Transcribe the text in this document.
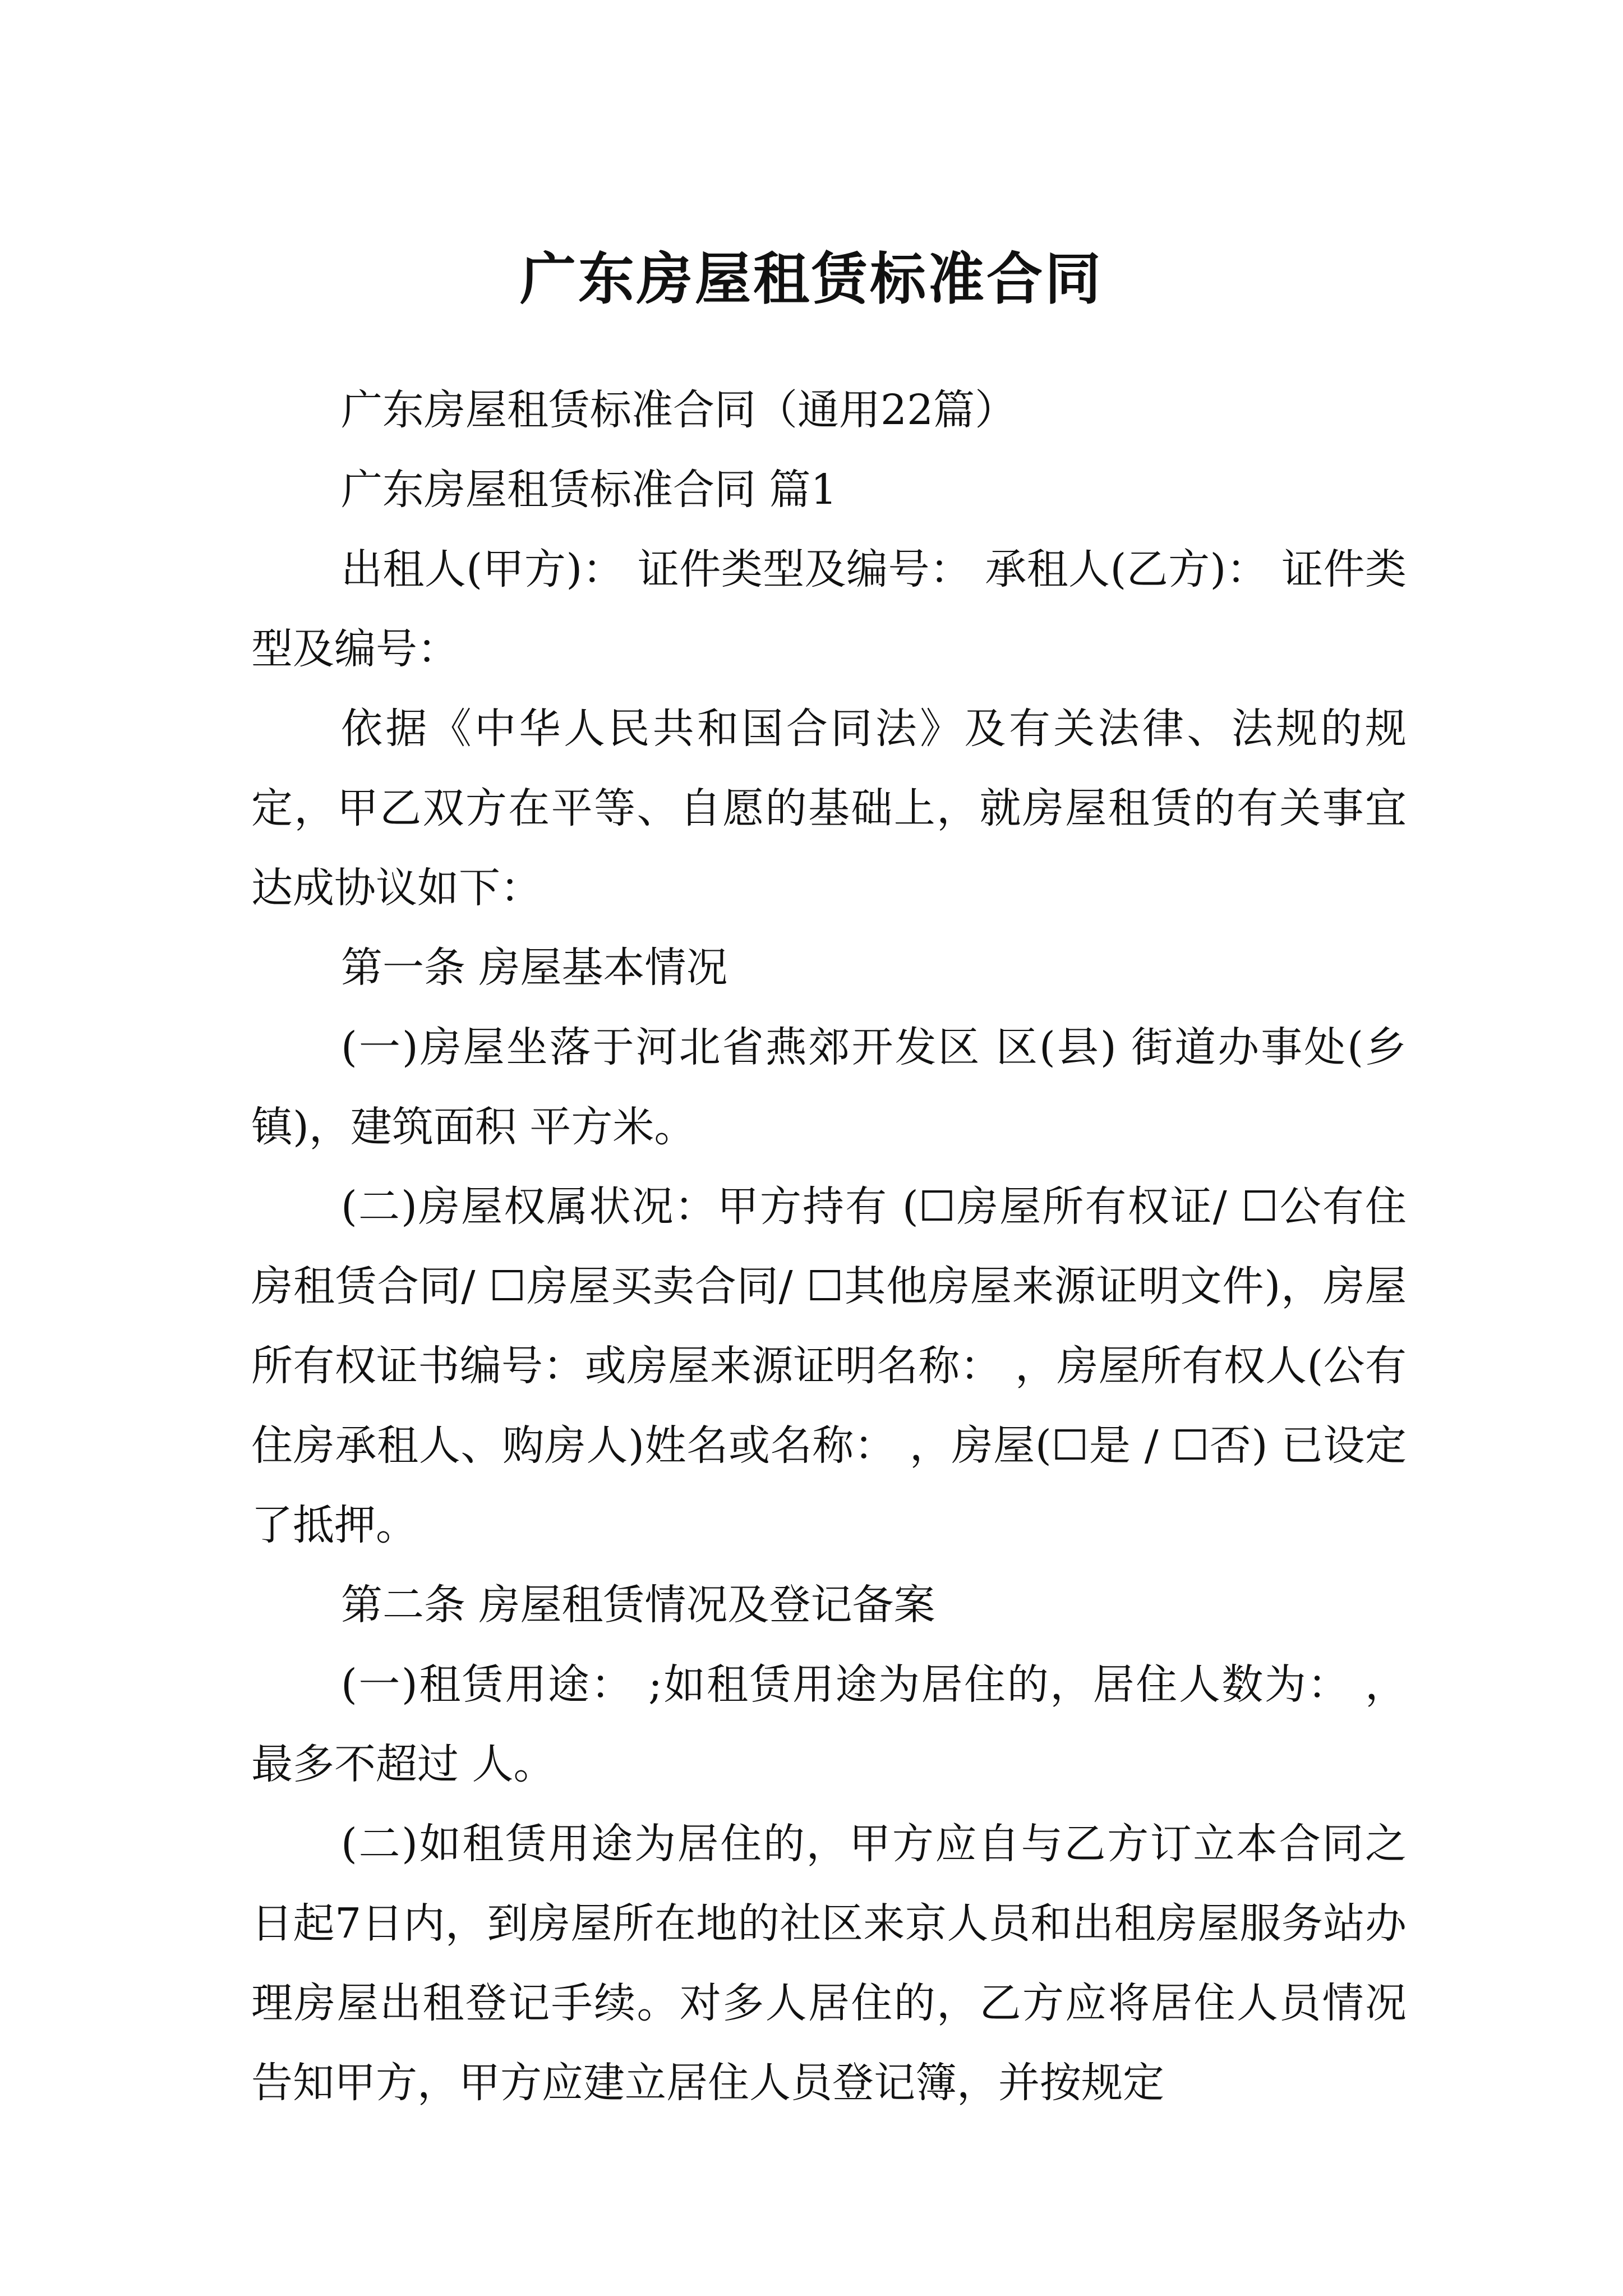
广东房屋租赁标准合同

广东房屋租赁标准合同（通用22篇）

广东房屋租赁标准合同 篇1

出租人(甲方)： 证件类型及编号： 承租人(乙方)： 证件类型及编号：

依据《中华人民共和国合同法》及有关法律、法规的规定，甲乙双方在平等、自愿的基础上，就房屋租赁的有关事宜达成协议如下：

第一条 房屋基本情况

(一)房屋坐落于河北省燕郊开发区 区(县) 街道办事处(乡镇)，建筑面积 平方米。

(二)房屋权属状况：甲方持有 (☐房屋所有权证/ ☐公有住房租赁合同/ ☐房屋买卖合同/ ☐其他房屋来源证明文件)，房屋所有权证书编号：或房屋来源证明名称： ，房屋所有权人(公有住房承租人、购房人)姓名或名称： ，房屋(☐是 / ☐否) 已设定了抵押。

第二条 房屋租赁情况及登记备案

(一)租赁用途： ;如租赁用途为居住的，居住人数为： ，最多不超过 人。

(二)如租赁用途为居住的，甲方应自与乙方订立本合同之日起7日内，到房屋所在地的社区来京人员和出租房屋服务站办理房屋出租登记手续。对多人居住的，乙方应将居住人员情况告知甲方，甲方应建立居住人员登记簿，并按规定
